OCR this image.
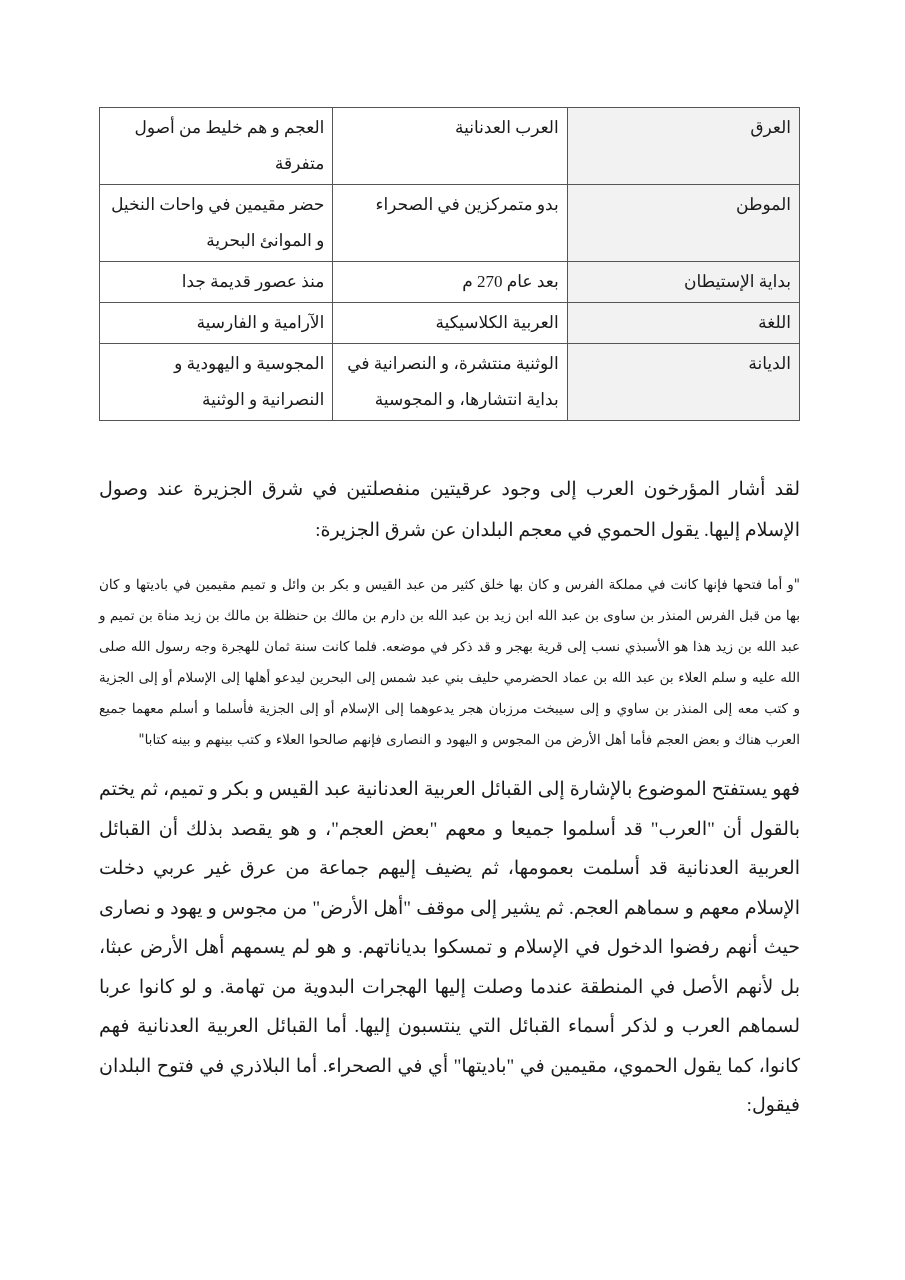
العرق	العرب العدنانية	العجم و هم خليط من أصول متفرقة
الموطن	بدو متمركزين في الصحراء	حضر مقيمين في واحات النخيل و الموانئ البحرية
بداية الإستيطان	بعد عام 270 م	منذ عصور قديمة جدا
اللغة	العربية الكلاسيكية	الآرامية و الفارسية
الديانة	الوثنية منتشرة، و النصرانية في بداية انتشارها، و المجوسية	المجوسية و اليهودية و النصرانية و الوثنية

لقد أشار المؤرخون العرب إلى وجود عرقيتين منفصلتين في شرق الجزيرة عند وصول الإسلام إليها. يقول الحموي في معجم البلدان عن شرق الجزيرة:

"و أما فتحها فإنها كانت في مملكة الفرس و كان بها خلق كثير من عبد القيس و بكر بن وائل و تميم مقيمين في باديتها و كان بها من قبل الفرس المنذر بن ساوى بن عبد الله ابن زيد بن عبد الله بن دارم بن مالك بن حنظلة بن مالك بن زيد مناة بن تميم و عبد الله بن زيد هذا هو الأسبذي نسب إلى قرية بهجر و قد ذكر في موضعه. فلما كانت سنة ثمان للهجرة وجه رسول الله صلى الله عليه و سلم العلاء بن عبد الله بن عماد الحضرمي حليف بني عبد شمس إلى البحرين ليدعو أهلها إلى الإسلام أو إلى الجزية و كتب معه إلى المنذر بن ساوي و إلى سيبخت مرزبان هجر يدعوهما إلى الإسلام أو إلى الجزية فأسلما و أسلم معهما جميع العرب هناك و بعض العجم فأما أهل الأرض من المجوس و اليهود و النصارى فإنهم صالحوا العلاء و كتب بينهم و بينه كتابا"

فهو يستفتح الموضوع بالإشارة إلى القبائل العربية العدنانية عبد القيس و بكر و تميم، ثم يختم بالقول أن "العرب" قد أسلموا جميعا و معهم "بعض العجم"، و هو يقصد بذلك أن القبائل العربية العدنانية قد أسلمت بعمومها، ثم يضيف إليهم جماعة من عرق غير عربي دخلت الإسلام معهم و سماهم العجم. ثم يشير إلى موقف "أهل الأرض" من مجوس و يهود و نصارى حيث أنهم رفضوا الدخول في الإسلام و تمسكوا بدياناتهم. و هو لم يسمهم أهل الأرض عبثا، بل لأنهم الأصل في المنطقة عندما وصلت إليها الهجرات البدوية من تهامة. و لو كانوا عربا لسماهم العرب و لذكر أسماء القبائل التي ينتسبون إليها. أما القبائل العربية العدنانية فهم كانوا، كما يقول الحموي، مقيمين في "باديتها" أي في الصحراء. أما البلاذري في فتوح البلدان فيقول:
